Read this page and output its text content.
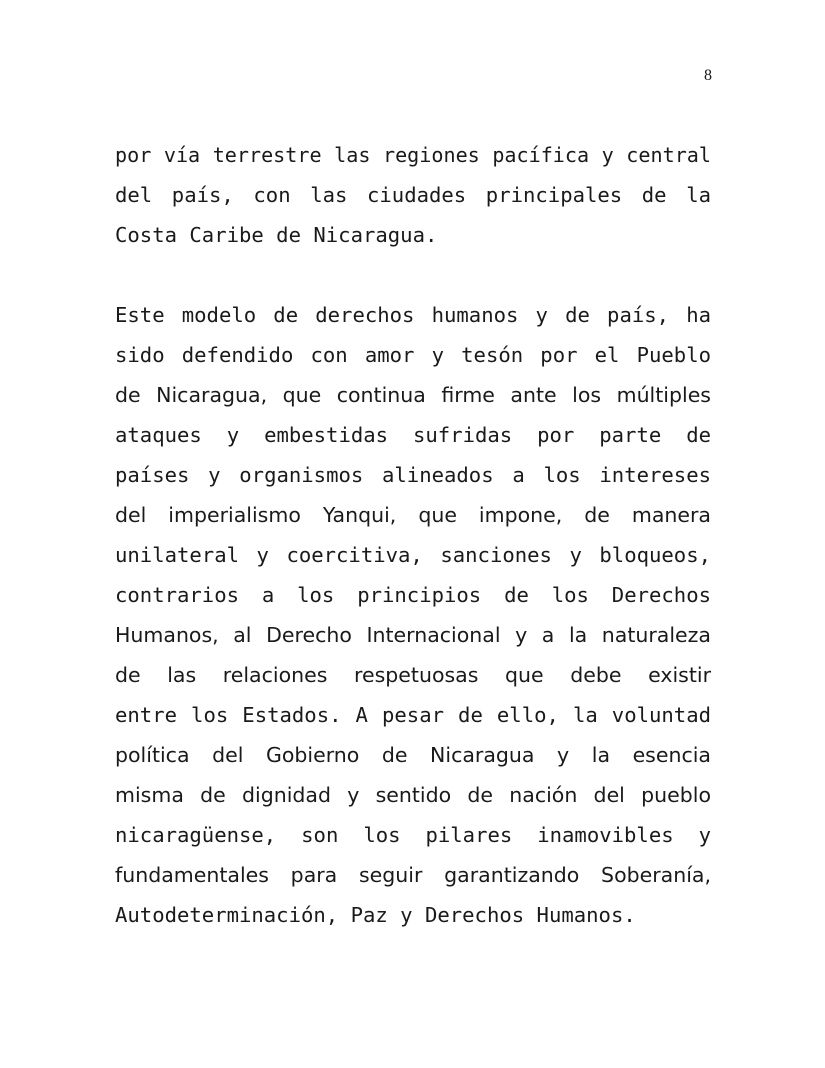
8
por vía terrestre las regiones pacífica y central
del país, con las ciudades principales de la
Costa Caribe de Nicaragua.
Este modelo de derechos humanos y de país, ha
sido defendido con amor y tesón por el Pueblo
de Nicaragua, que continua firme ante los múltiples
ataques y embestidas sufridas por parte de
países y organismos alineados a los intereses
del imperialismo Yanqui, que impone, de manera
unilateral y coercitiva, sanciones y bloqueos,
contrarios a los principios de los Derechos
Humanos, al Derecho Internacional y a la naturaleza
de las relaciones respetuosas que debe existir
entre los Estados. A pesar de ello, la voluntad
política del Gobierno de Nicaragua y la esencia
misma de dignidad y sentido de nación del pueblo
nicaragüense, son los pilares inamovibles y
fundamentales para seguir garantizando Soberanía,
Autodeterminación, Paz y Derechos Humanos.
